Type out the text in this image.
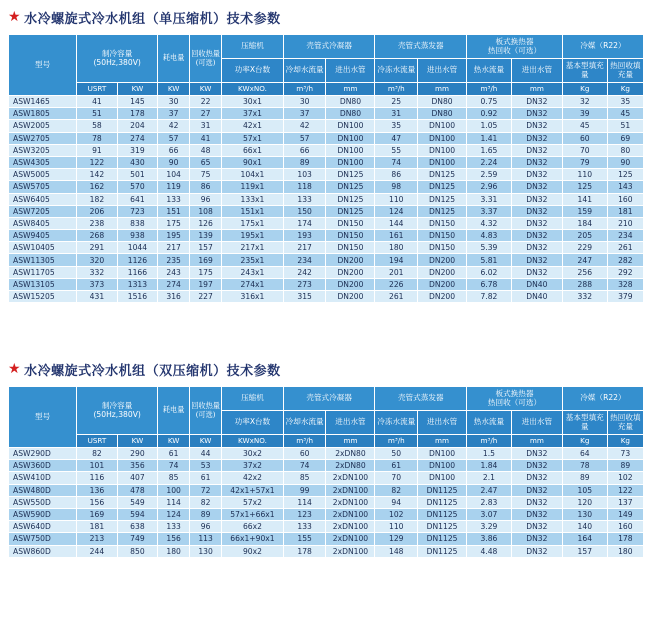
★ 水冷螺旋式冷水机组（单压缩机）技术参数
型号	制冷容量
(50Hz,380V)		耗电量	回收热量(可选)	压缩机	壳管式冷凝器		壳管式蒸发器		板式换热器
热回收（可选）		冷媒（R22）	
					功率X台数	冷却水流量	进出水管	冷冻水流量	进出水管	热水流量	进出水管	基本型填充量	热回收填充量
	USRT	KW	KW	KW	KWxNO.	m³/h	mm	m³/h	mm	m³/h	mm	Kg	Kg
ASW1465	41	145	30	22	30x1	30	DN80	25	DN80	0.75	DN32	32	35
ASW1805	51	178	37	27	37x1	37	DN80	31	DN80	0.92	DN32	39	45
ASW2005	58	204	42	31	42x1	42	DN100	35	DN100	1.05	DN32	45	51
ASW2705	78	274	57	41	57x1	57	DN100	47	DN100	1.41	DN32	60	69
ASW3205	91	319	66	48	66x1	66	DN100	55	DN100	1.65	DN32	70	80
ASW4305	122	430	90	65	90x1	89	DN100	74	DN100	2.24	DN32	79	90
ASW5005	142	501	104	75	104x1	103	DN125	86	DN125	2.59	DN32	110	125
ASW5705	162	570	119	86	119x1	118	DN125	98	DN125	2.96	DN32	125	143
ASW6405	182	641	133	96	133x1	133	DN125	110	DN125	3.31	DN32	141	160
ASW7205	206	723	151	108	151x1	150	DN125	124	DN125	3.37	DN32	159	181
ASW8405	238	838	175	126	175x1	174	DN150	144	DN150	4.32	DN32	184	210
ASW9405	268	938	195	139	195x1	193	DN150	161	DN150	4.83	DN32	205	234
ASW10405	291	1044	217	157	217x1	217	DN150	180	DN150	5.39	DN32	229	261
ASW11305	320	1126	235	169	235x1	234	DN200	194	DN200	5.81	DN32	247	282
ASW11705	332	1166	243	175	243x1	242	DN200	201	DN200	6.02	DN32	256	292
ASW13105	373	1313	274	197	274x1	273	DN200	226	DN200	6.78	DN40	288	328
ASW15205	431	1516	316	227	316x1	315	DN200	261	DN200	7.82	DN40	332	379
★ 水冷螺旋式冷水机组（双压缩机）技术参数
型号	制冷容量
(50Hz,380V)		耗电量	回收热量(可选)	压缩机	壳管式冷凝器		壳管式蒸发器		板式换热器
热回收（可选）		冷媒（R22）	
					功率X台数	冷却水流量	进出水管	冷冻水流量	进出水管	热水流量	进出水管	基本型填充量	热回收填充量
	USRT	KW	KW	KW	KWxNO.	m³/h	mm	m³/h	mm	m³/h	mm	Kg	Kg
ASW290D	82	290	61	44	30x2	60	2xDN80	50	DN100	1.5	DN32	64	73
ASW360D	101	356	74	53	37x2	74	2xDN80	61	DN100	1.84	DN32	78	89
ASW410D	116	407	85	61	42x2	85	2xDN100	70	DN100	2.1	DN32	89	102
ASW480D	136	478	100	72	42x1+57x1	99	2xDN100	82	DN1125	2.47	DN32	105	122
ASW550D	156	549	114	82	57x2	114	2xDN100	94	DN1125	2.83	DN32	120	137
ASW590D	169	594	124	89	57x1+66x1	123	2xDN100	102	DN1125	3.07	DN32	130	149
ASW640D	181	638	133	96	66x2	133	2xDN100	110	DN1125	3.29	DN32	140	160
ASW750D	213	749	156	113	66x1+90x1	155	2xDN100	129	DN1125	3.86	DN32	164	178
ASW860D	244	850	180	130	90x2	178	2xDN100	148	DN1125	4.48	DN32	157	180
